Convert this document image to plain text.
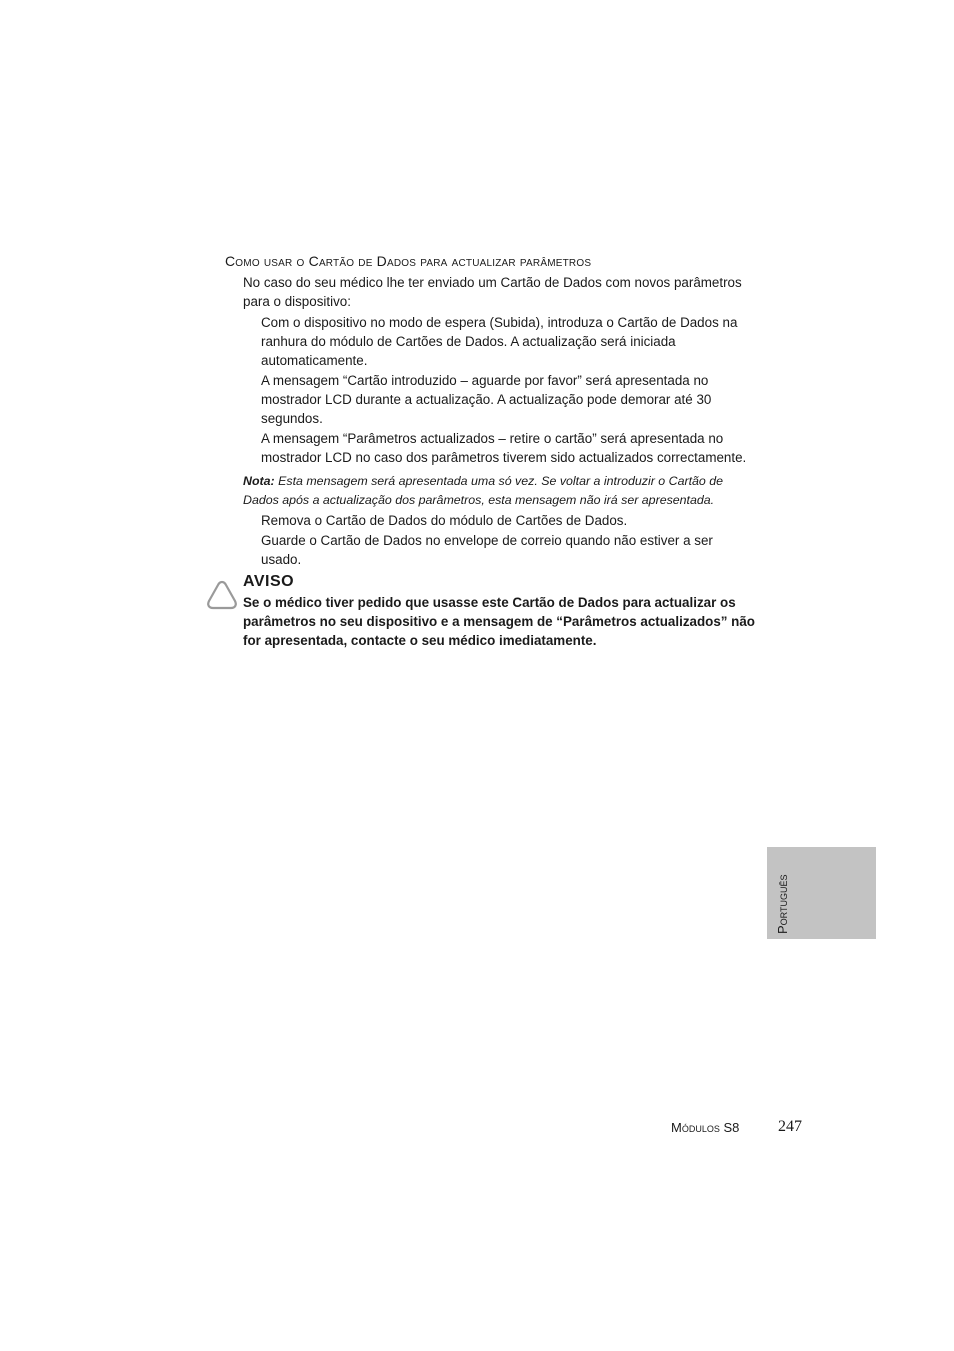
Como usar o Cartão de Dados para actualizar parâmetros
No caso do seu médico lhe ter enviado um Cartão de Dados com novos parâmetros para o dispositivo:
Com o dispositivo no modo de espera (Subida), introduza o Cartão de Dados na ranhura do módulo de Cartões de Dados. A actualização será iniciada automaticamente.
A mensagem “Cartão introduzido – aguarde por favor” será apresentada no mostrador LCD durante a actualização. A actualização pode demorar até 30 segundos.
A mensagem “Parâmetros actualizados – retire o cartão” será apresentada no mostrador LCD no caso dos parâmetros tiverem sido actualizados correctamente.
Nota: Esta mensagem será apresentada uma só vez. Se voltar a introduzir o Cartão de Dados após a actualização dos parâmetros, esta mensagem não irá ser apresentada.
Remova o Cartão de Dados do módulo de Cartões de Dados.
Guarde o Cartão de Dados no envelope de correio quando não estiver a ser usado.
AVISO
Se o médico tiver pedido que usasse este Cartão de Dados para actualizar os parâmetros no seu dispositivo e a mensagem de “Parâmetros actualizados” não for apresentada, contacte o seu médico imediatamente.
Português
Módulos S8 247
